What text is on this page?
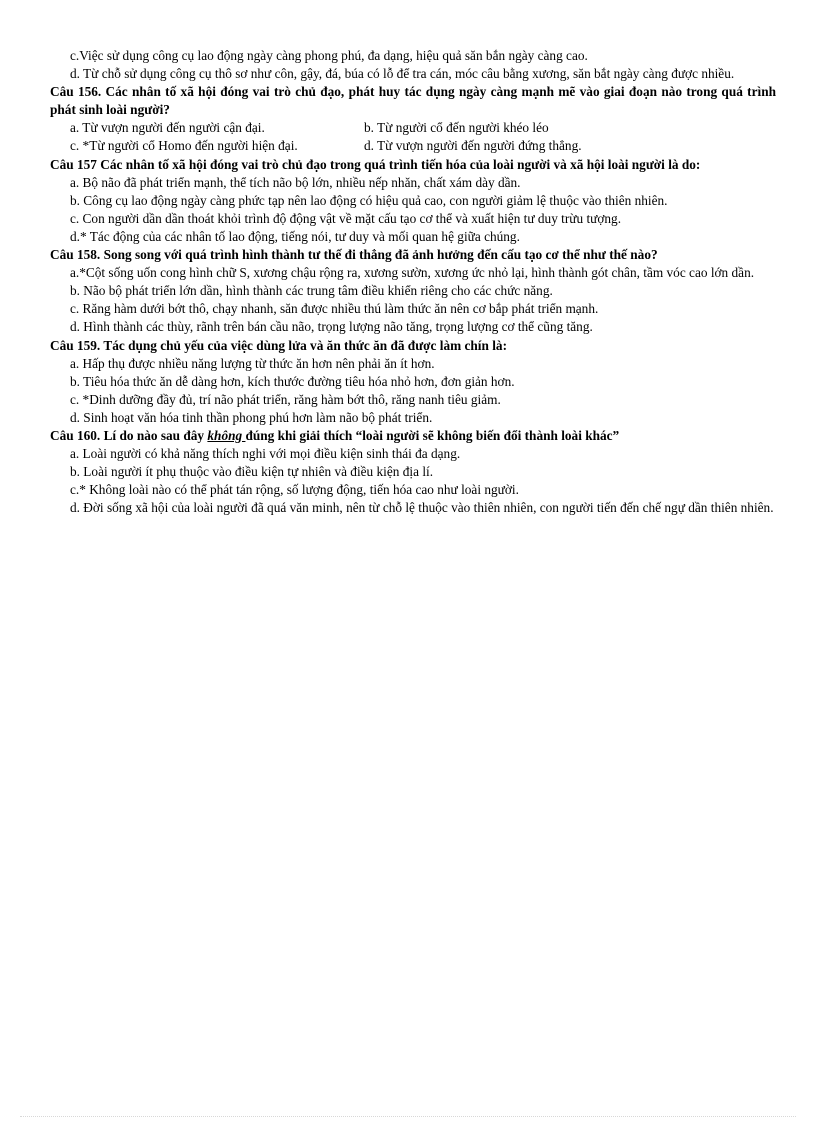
c.Việc sử dụng công cụ lao động ngày càng phong phú, đa dạng, hiệu quả săn bắn ngày càng cao.
d. Từ chỗ sử dụng công cụ thô sơ như côn, gậy, đá, búa có lỗ để tra cán, móc câu bằng xương, săn bắt ngày càng được nhiều.
Câu 156. Các nhân tố xã hội đóng vai trò chủ đạo, phát huy tác dụng ngày càng mạnh mẽ vào giai đoạn nào trong quá trình phát sinh loài người?
a. Từ vượn người đến người cận đại.	b. Từ người cổ đến người khéo léo
c. *Từ người cổ Homo đến người hiện đại.	d. Từ vượn người đến người đứng thẳng.
Câu 157 Các nhân tố xã hội đóng vai trò chủ đạo trong quá trình tiến hóa của loài người và xã hội loài người là do:
a. Bộ não đã phát triển mạnh, thể tích não bộ lớn, nhiều nếp nhăn, chất xám dày dần.
b. Công cụ lao động ngày càng phức tạp nên lao động có hiệu quả cao, con người giảm lệ thuộc vào thiên nhiên.
c. Con người dần dần thoát khỏi trình độ động vật về mặt cấu tạo cơ thể và xuất hiện tư duy trừu tượng.
d.* Tác động của các nhân tố lao động, tiếng nói, tư duy và mối quan hệ giữa chúng.
Câu 158. Song song với quá trình hình thành tư thế đi thẳng đã ảnh hưởng đến cấu tạo cơ thể như thế nào?
a.*Cột sống uốn cong hình chữ S, xương chậu rộng ra, xương sườn, xương ức nhỏ lại, hình thành gót chân, tầm vóc cao lớn dần.
b. Não bộ phát triển lớn dần, hình thành các trung tâm điều khiển riêng cho các chức năng.
c. Răng hàm dưới bớt thô, chạy nhanh, săn được nhiều thú làm thức ăn nên cơ bắp phát triển mạnh.
d. Hình thành các thùy, rãnh trên bán cầu não, trọng lượng não tăng, trọng lượng cơ thể cũng tăng.
Câu 159. Tác dụng chủ yếu của việc dùng lửa và ăn thức ăn đã được làm chín là:
a. Hấp thụ được nhiều năng lượng từ thức ăn hơn nên phải ăn ít hơn.
b. Tiêu hóa thức ăn dễ dàng hơn, kích thước đường tiêu hóa nhỏ hơn, đơn giản hơn.
c. *Dinh dưỡng đầy đủ, trí não phát triển, răng hàm bớt thô, răng nanh tiêu giảm.
d. Sinh hoạt văn hóa tinh thần phong phú hơn làm não bộ phát triển.
Câu 160. Lí do nào sau đây không đúng khi giải thích “loài người sẽ không biến đổi thành loài khác”
a. Loài người có khả năng thích nghi với mọi điều kiện sinh thái đa dạng.
b. Loài người ít phụ thuộc vào điều kiện tự nhiên và điều kiện địa lí.
c.* Không loài nào có thể phát tán rộng, số lượng động, tiến hóa cao như loài người.
d. Đời sống xã hội của loài người đã quá văn minh, nên từ chỗ lệ thuộc vào thiên nhiên, con người tiến đến chế ngự dần thiên nhiên.
